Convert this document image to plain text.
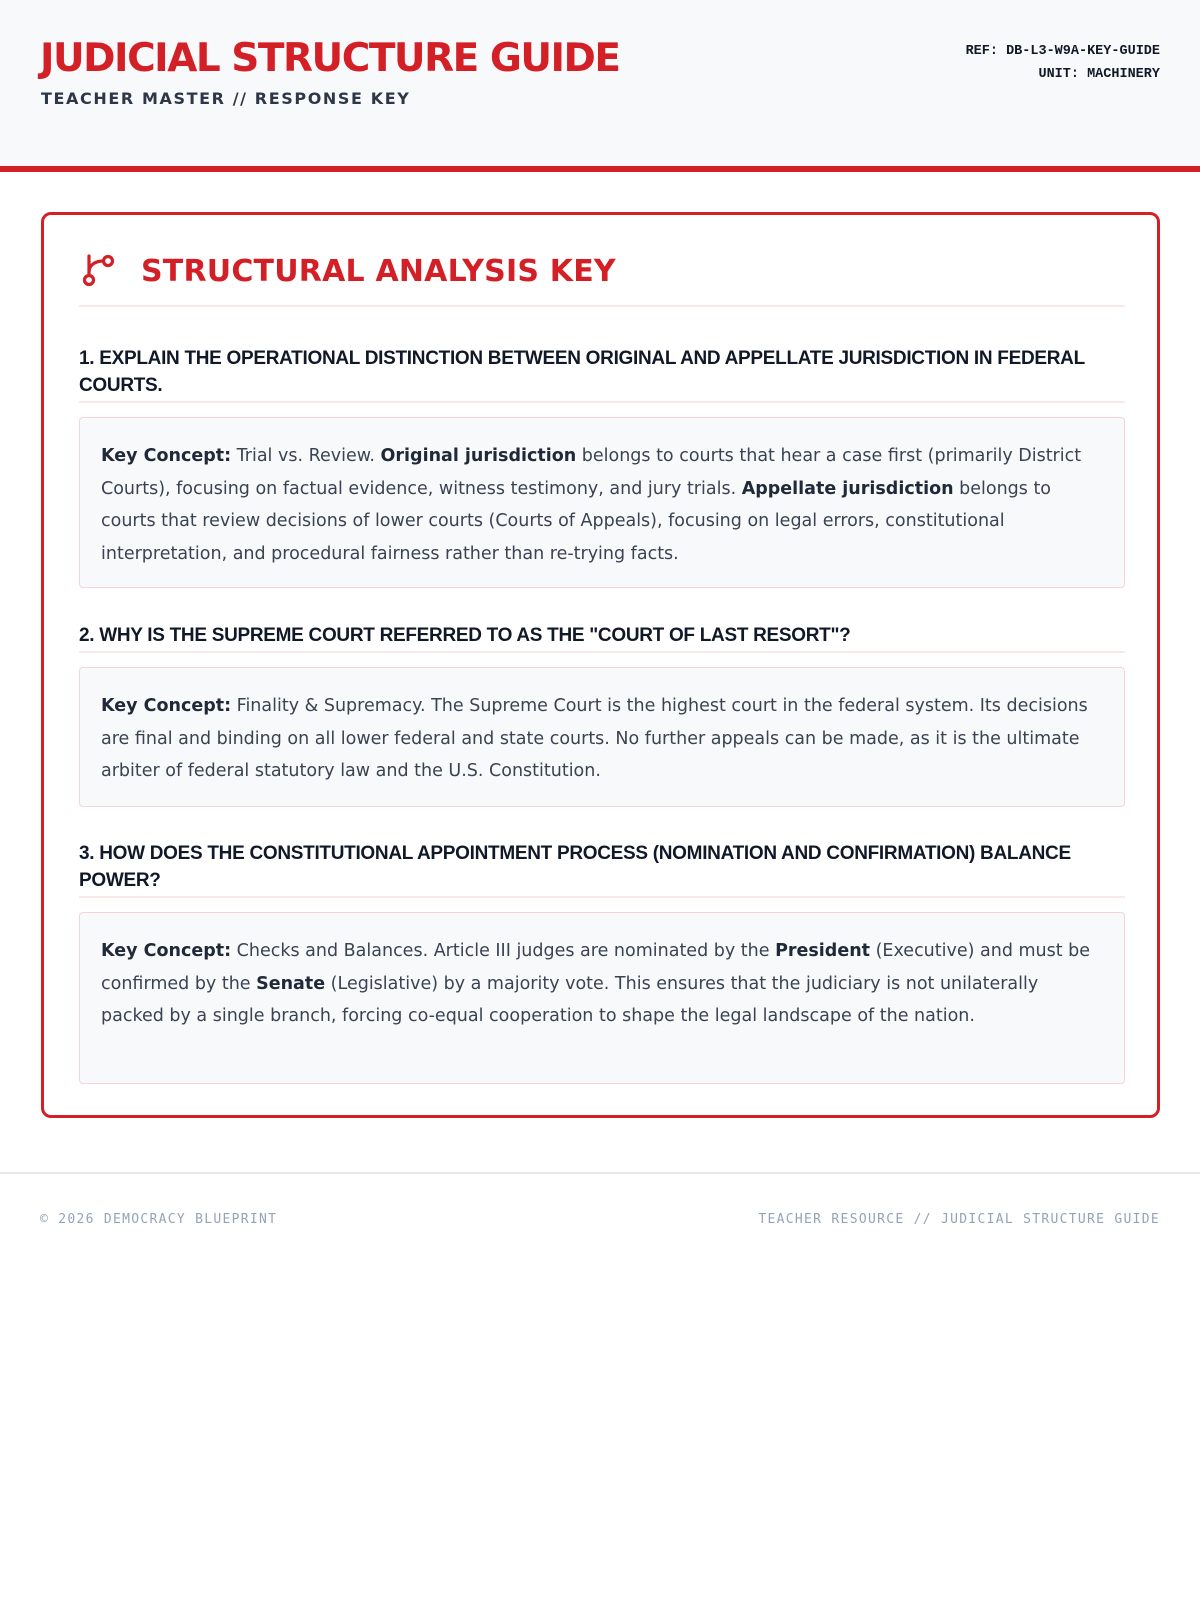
JUDICIAL STRUCTURE GUIDE
TEACHER MASTER // RESPONSE KEY
REF: DB-L3-W9A-KEY-GUIDE
UNIT: MACHINERY
STRUCTURAL ANALYSIS KEY
1. EXPLAIN THE OPERATIONAL DISTINCTION BETWEEN ORIGINAL AND APPELLATE JURISDICTION IN FEDERAL COURTS.
Key Concept: Trial vs. Review. Original jurisdiction belongs to courts that hear a case first (primarily District Courts), focusing on factual evidence, witness testimony, and jury trials. Appellate jurisdiction belongs to courts that review decisions of lower courts (Courts of Appeals), focusing on legal errors, constitutional interpretation, and procedural fairness rather than re-trying facts.
2. WHY IS THE SUPREME COURT REFERRED TO AS THE "COURT OF LAST RESORT"?
Key Concept: Finality & Supremacy. The Supreme Court is the highest court in the federal system. Its decisions are final and binding on all lower federal and state courts. No further appeals can be made, as it is the ultimate arbiter of federal statutory law and the U.S. Constitution.
3. HOW DOES THE CONSTITUTIONAL APPOINTMENT PROCESS (NOMINATION AND CONFIRMATION) BALANCE POWER?
Key Concept: Checks and Balances. Article III judges are nominated by the President (Executive) and must be confirmed by the Senate (Legislative) by a majority vote. This ensures that the judiciary is not unilaterally packed by a single branch, forcing co-equal cooperation to shape the legal landscape of the nation.
© 2026 DEMOCRACY BLUEPRINT	TEACHER RESOURCE // JUDICIAL STRUCTURE GUIDE
